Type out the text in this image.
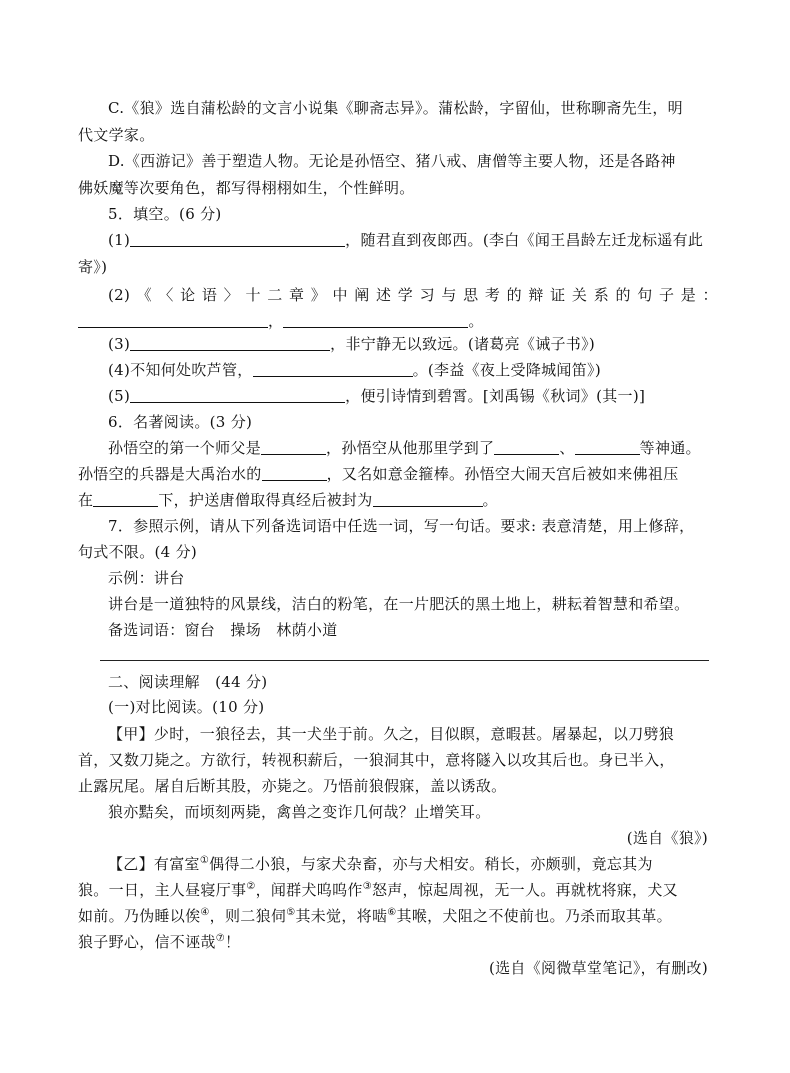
C.《狼》选自蒲松龄的文言小说集《聊斋志异》。蒲松龄，字留仙，世称聊斋先生，明
代文学家。
D.《西游记》善于塑造人物。无论是孙悟空、猪八戒、唐僧等主要人物，还是各路神
佛妖魔等次要角色，都写得栩栩如生，个性鲜明。
5．填空。(6 分)
(1)	，随君直到夜郎西。(李白《闻王昌龄左迁龙标遥有此
寄》)
(2) 《 〈 论 语 〉 十 二 章 》 中 阐 述 学 习 与 思 考 的 辩 证 关 系 的 句 子 是 ：
，	。
(3)	，非宁静无以致远。(诸葛亮《诫子书》)
(4)不知何处吹芦管，	。(李益《夜上受降城闻笛》)
(5)	，便引诗情到碧霄。[刘禹锡《秋词》(其一)]
6．名著阅读。(3 分)
孙悟空的第一个师父是	，孙悟空从他那里学到了	、	等神通。
孙悟空的兵器是大禹治水的	，又名如意金箍棒。孙悟空大闹天宫后被如来佛祖压
在	下，护送唐僧取得真经后被封为	。
7．参照示例，请从下列备选词语中任选一词，写一句话。要求: 表意清楚，用上修辞，
句式不限。(4 分)
示例：讲台
讲台是一道独特的风景线，洁白的粉笔，在一片肥沃的黑土地上，耕耘着智慧和希望。
备选词语：窗台　操场　林荫小道
二、阅读理解　(44 分)
(一)对比阅读。(10 分)
【甲】少时，一狼径去，其一犬坐于前。久之，目似瞑，意暇甚。屠暴起，以刀劈狼
首，又数刀毙之。方欲行，转视积薪后，一狼洞其中，意将隧入以攻其后也。身已半入，
止露尻尾。屠自后断其股，亦毙之。乃悟前狼假寐，盖以诱敌。
狼亦黠矣，而顷刻两毙，禽兽之变诈几何哉？止增笑耳。
(选自《狼》)
【乙】有富室①偶得二小狼，与家犬杂畜，亦与犬相安。稍长，亦颇驯，竟忘其为
狼。一日，主人昼寝厅事②，闻群犬呜呜作③怒声，惊起周视，无一人。再就枕将寐，犬又
如前。乃伪睡以俟④，则二狼伺⑤其未觉，将啮⑥其喉，犬阻之不使前也。乃杀而取其革。
狼子野心，信不诬哉⑦！
(选自《阅微草堂笔记》，有删改)
